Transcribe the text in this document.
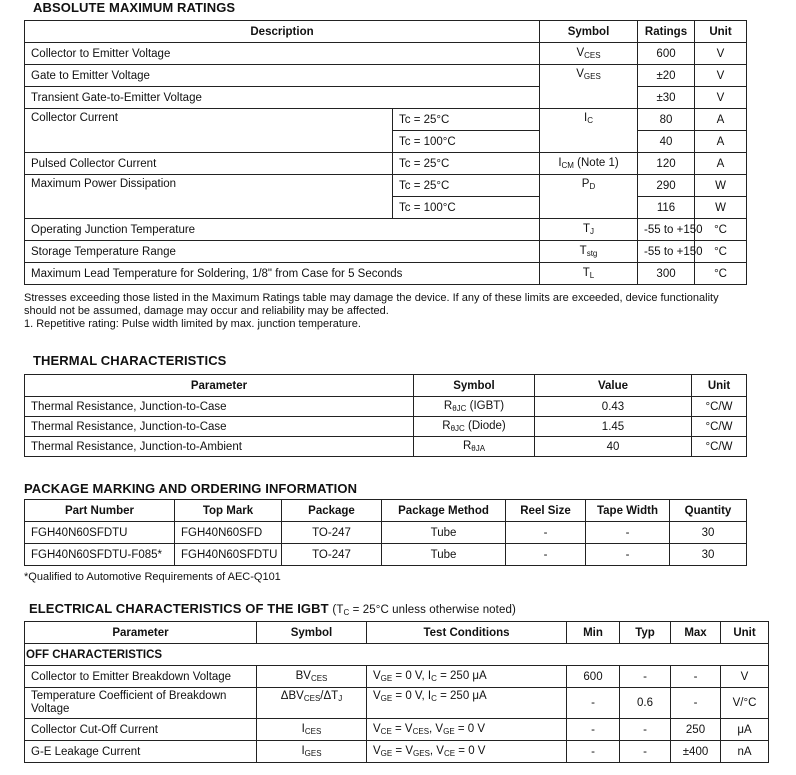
ABSOLUTE MAXIMUM RATINGS
Description		Symbol	Ratings	Unit
Collector to Emitter Voltage		$V_{CES}$	600	V
Gate to Emitter Voltage		$V_{GES}$	±20	V
Transient Gate-to-Emitter Voltage			±30	V
Collector Current	Tc = 25°C	$I_C$	80	A
	Tc = 100°C		40	A
Pulsed Collector Current	Tc = 25°C	$I_{CM}$ (Note 1)	120	A
Maximum Power Dissipation	Tc = 25°C	$P_D$	290	W
	Tc = 100°C		116	W
Operating Junction Temperature		$T_J$	-55 to +150	°C
Storage Temperature Range		$T_{stg}$	-55 to +150	°C
Maximum Lead Temperature for Soldering, 1/8" from Case for 5 Seconds		$T_L$	300	°C
Stresses exceeding those listed in the Maximum Ratings table may damage the device. If any of these limits are exceeded, device functionality
should not be assumed, damage may occur and reliability may be affected.
1. Repetitive rating: Pulse width limited by max. junction temperature.
THERMAL CHARACTERISTICS
Parameter	Symbol	Value	Unit
Thermal Resistance, Junction-to-Case	$R_{\theta JC}$ (IGBT)	0.43	°C/W
Thermal Resistance, Junction-to-Case	$R_{\theta JC}$ (Diode)	1.45	°C/W
Thermal Resistance, Junction-to-Ambient	$R_{\theta JA}$	40	°C/W
PACKAGE MARKING AND ORDERING INFORMATION
Part Number	Top Mark	Package	Package Method	Reel Size	Tape Width	Quantity
FGH40N60SFDTU	FGH40N60SFD	TO-247	Tube	-	-	30
FGH40N60SFDTU-F085*	FGH40N60SFDTU	TO-247	Tube	-	-	30
*Qualified to Automotive Requirements of AEC-Q101
ELECTRICAL CHARACTERISTICS OF THE IGBT ($T_C = 25^\circ C$ unless otherwise noted)
Parameter	Symbol	Test Conditions	Min	Typ	Max	Unit
OFF CHARACTERISTICS						
Collector to Emitter Breakdown Voltage	$BV_{CES}$	$V_{GE} = 0$ V, $I_C = 250$ μA	600	-	-	V
Temperature Coefficient of Breakdown
Voltage	$\Delta BV_{CES}/\Delta T_J$	$V_{GE} = 0$ V, $I_C = 250$ μA	-	0.6	-	V/°C
Collector Cut-Off Current	$I_{CES}$	$V_{CE} = V_{CES}$, $V_{GE} = 0$ V	-	-	250	μA
G-E Leakage Current	$I_{GES}$	$V_{GE} = V_{GES}$, $V_{CE} = 0$ V	-	-	±400	nA
